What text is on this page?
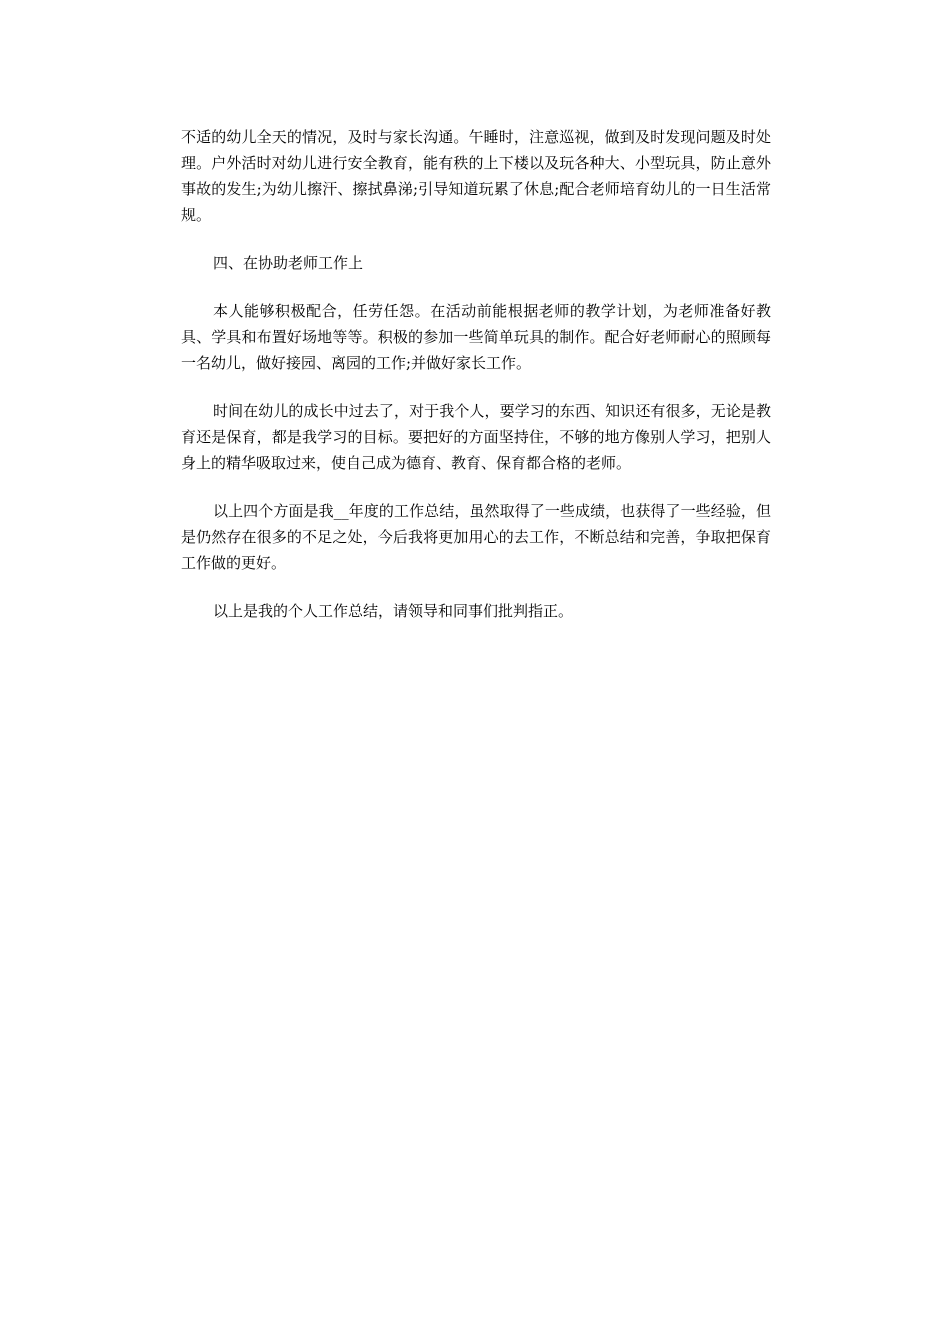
不适的幼儿全天的情况，及时与家长沟通。午睡时，注意巡视，做到及时发现问题及时处理。户外活时对幼儿进行安全教育，能有秩的上下楼以及玩各种大、小型玩具，防止意外事故的发生;为幼儿擦汗、擦拭鼻涕;引导知道玩累了休息;配合老师培育幼儿的一日生活常规。

四、在协助老师工作上

本人能够积极配合，任劳任怨。在活动前能根据老师的教学计划，为老师准备好教具、学具和布置好场地等等。积极的参加一些简单玩具的制作。配合好老师耐心的照顾每一名幼儿，做好接园、离园的工作;并做好家长工作。

时间在幼儿的成长中过去了，对于我个人，要学习的东西、知识还有很多，无论是教育还是保育，都是我学习的目标。要把好的方面坚持住，不够的地方像别人学习，把别人身上的精华吸取过来，使自己成为德育、教育、保育都合格的老师。

以上四个方面是我__年度的工作总结，虽然取得了一些成绩，也获得了一些经验，但是仍然存在很多的不足之处，今后我将更加用心的去工作，不断总结和完善，争取把保育工作做的更好。

以上是我的个人工作总结，请领导和同事们批判指正。
